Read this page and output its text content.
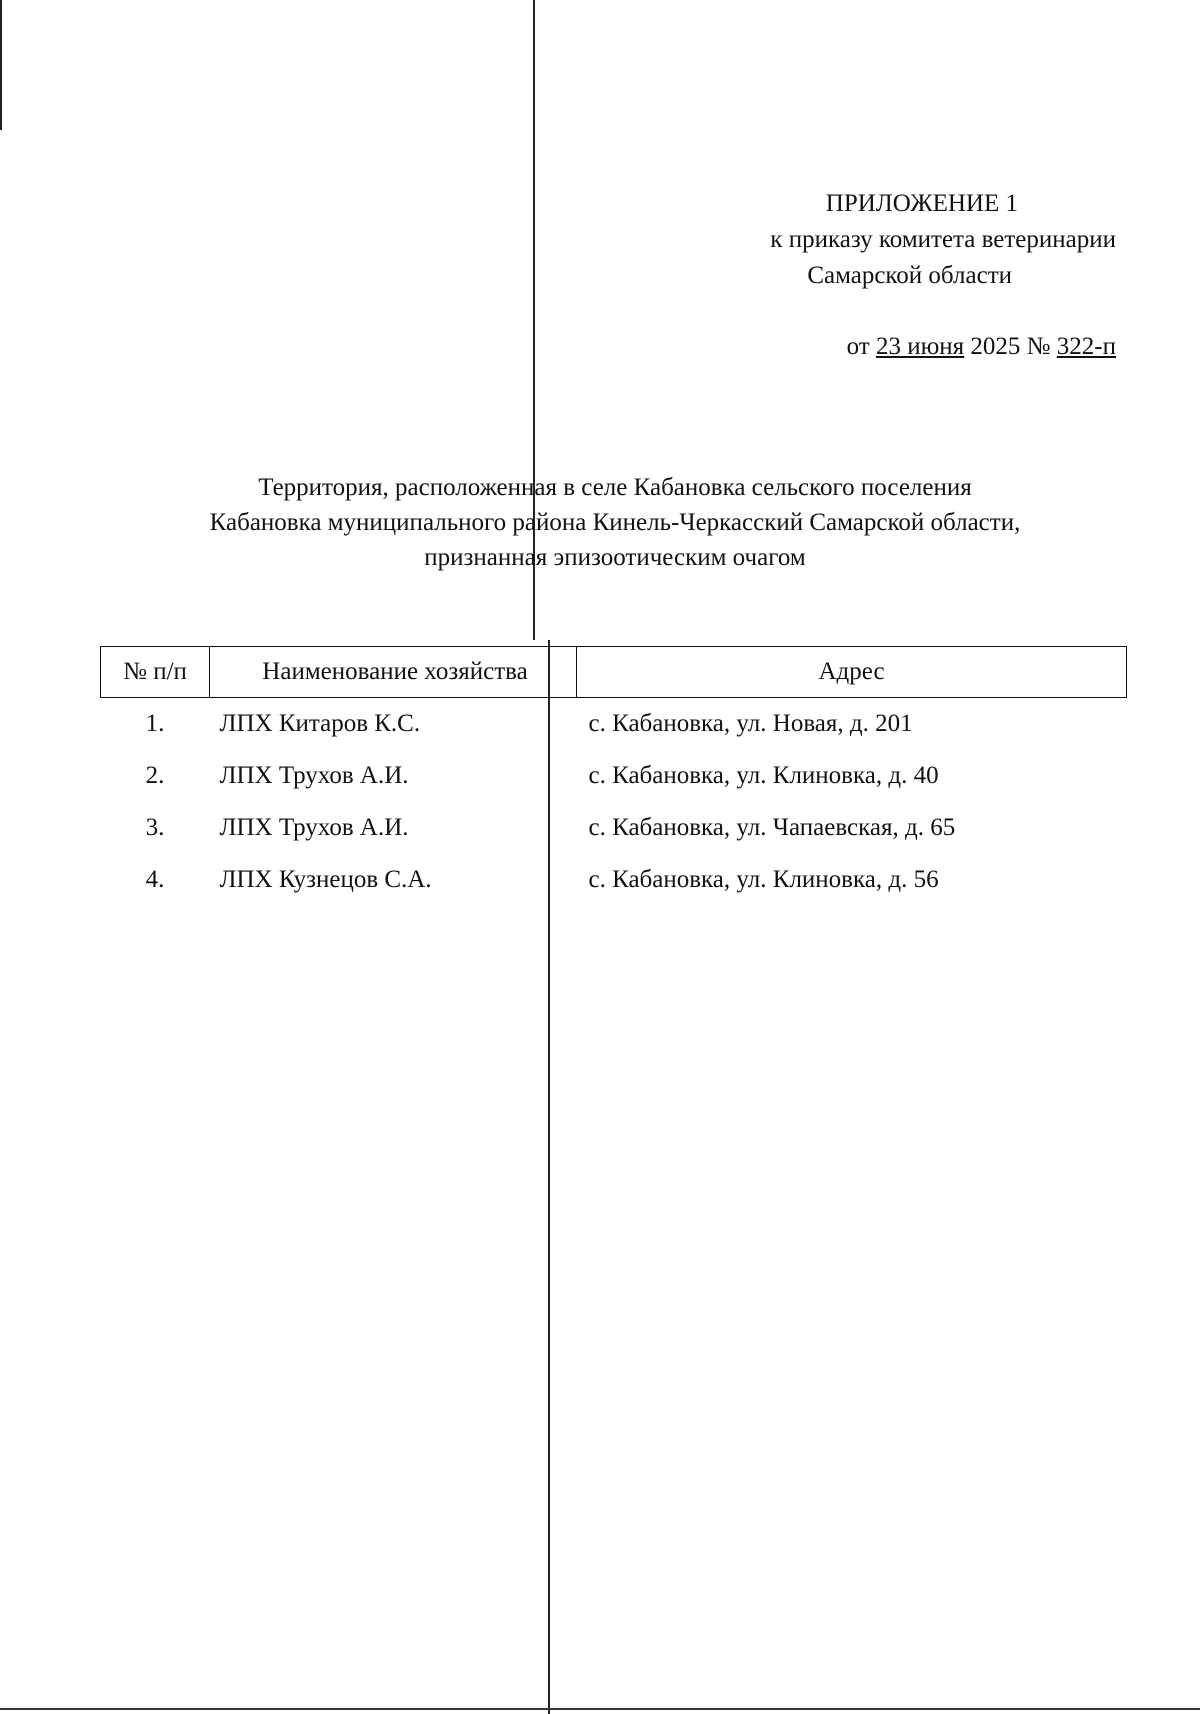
ПРИЛОЖЕНИЕ 1
к приказу комитета ветеринарии
Самарской области
от 23 июня 2025 № 322-п
Территория, расположенная в селе Кабановка сельского поселения
Кабановка муниципального района Кинель-Черкасский Самарской области,
признанная эпизоотическим очагом
№ п/п	Наименование хозяйства		Адрес
1.	ЛПХ Китаров К.С.		с. Кабановка, ул. Новая, д. 201
2.	ЛПХ Трухов А.И.		с. Кабановка, ул. Клиновка, д. 40
3.	ЛПХ Трухов А.И.		с. Кабановка, ул. Чапаевская, д. 65
4.	ЛПХ Кузнецов С.А.		с. Кабановка, ул. Клиновка, д. 56
